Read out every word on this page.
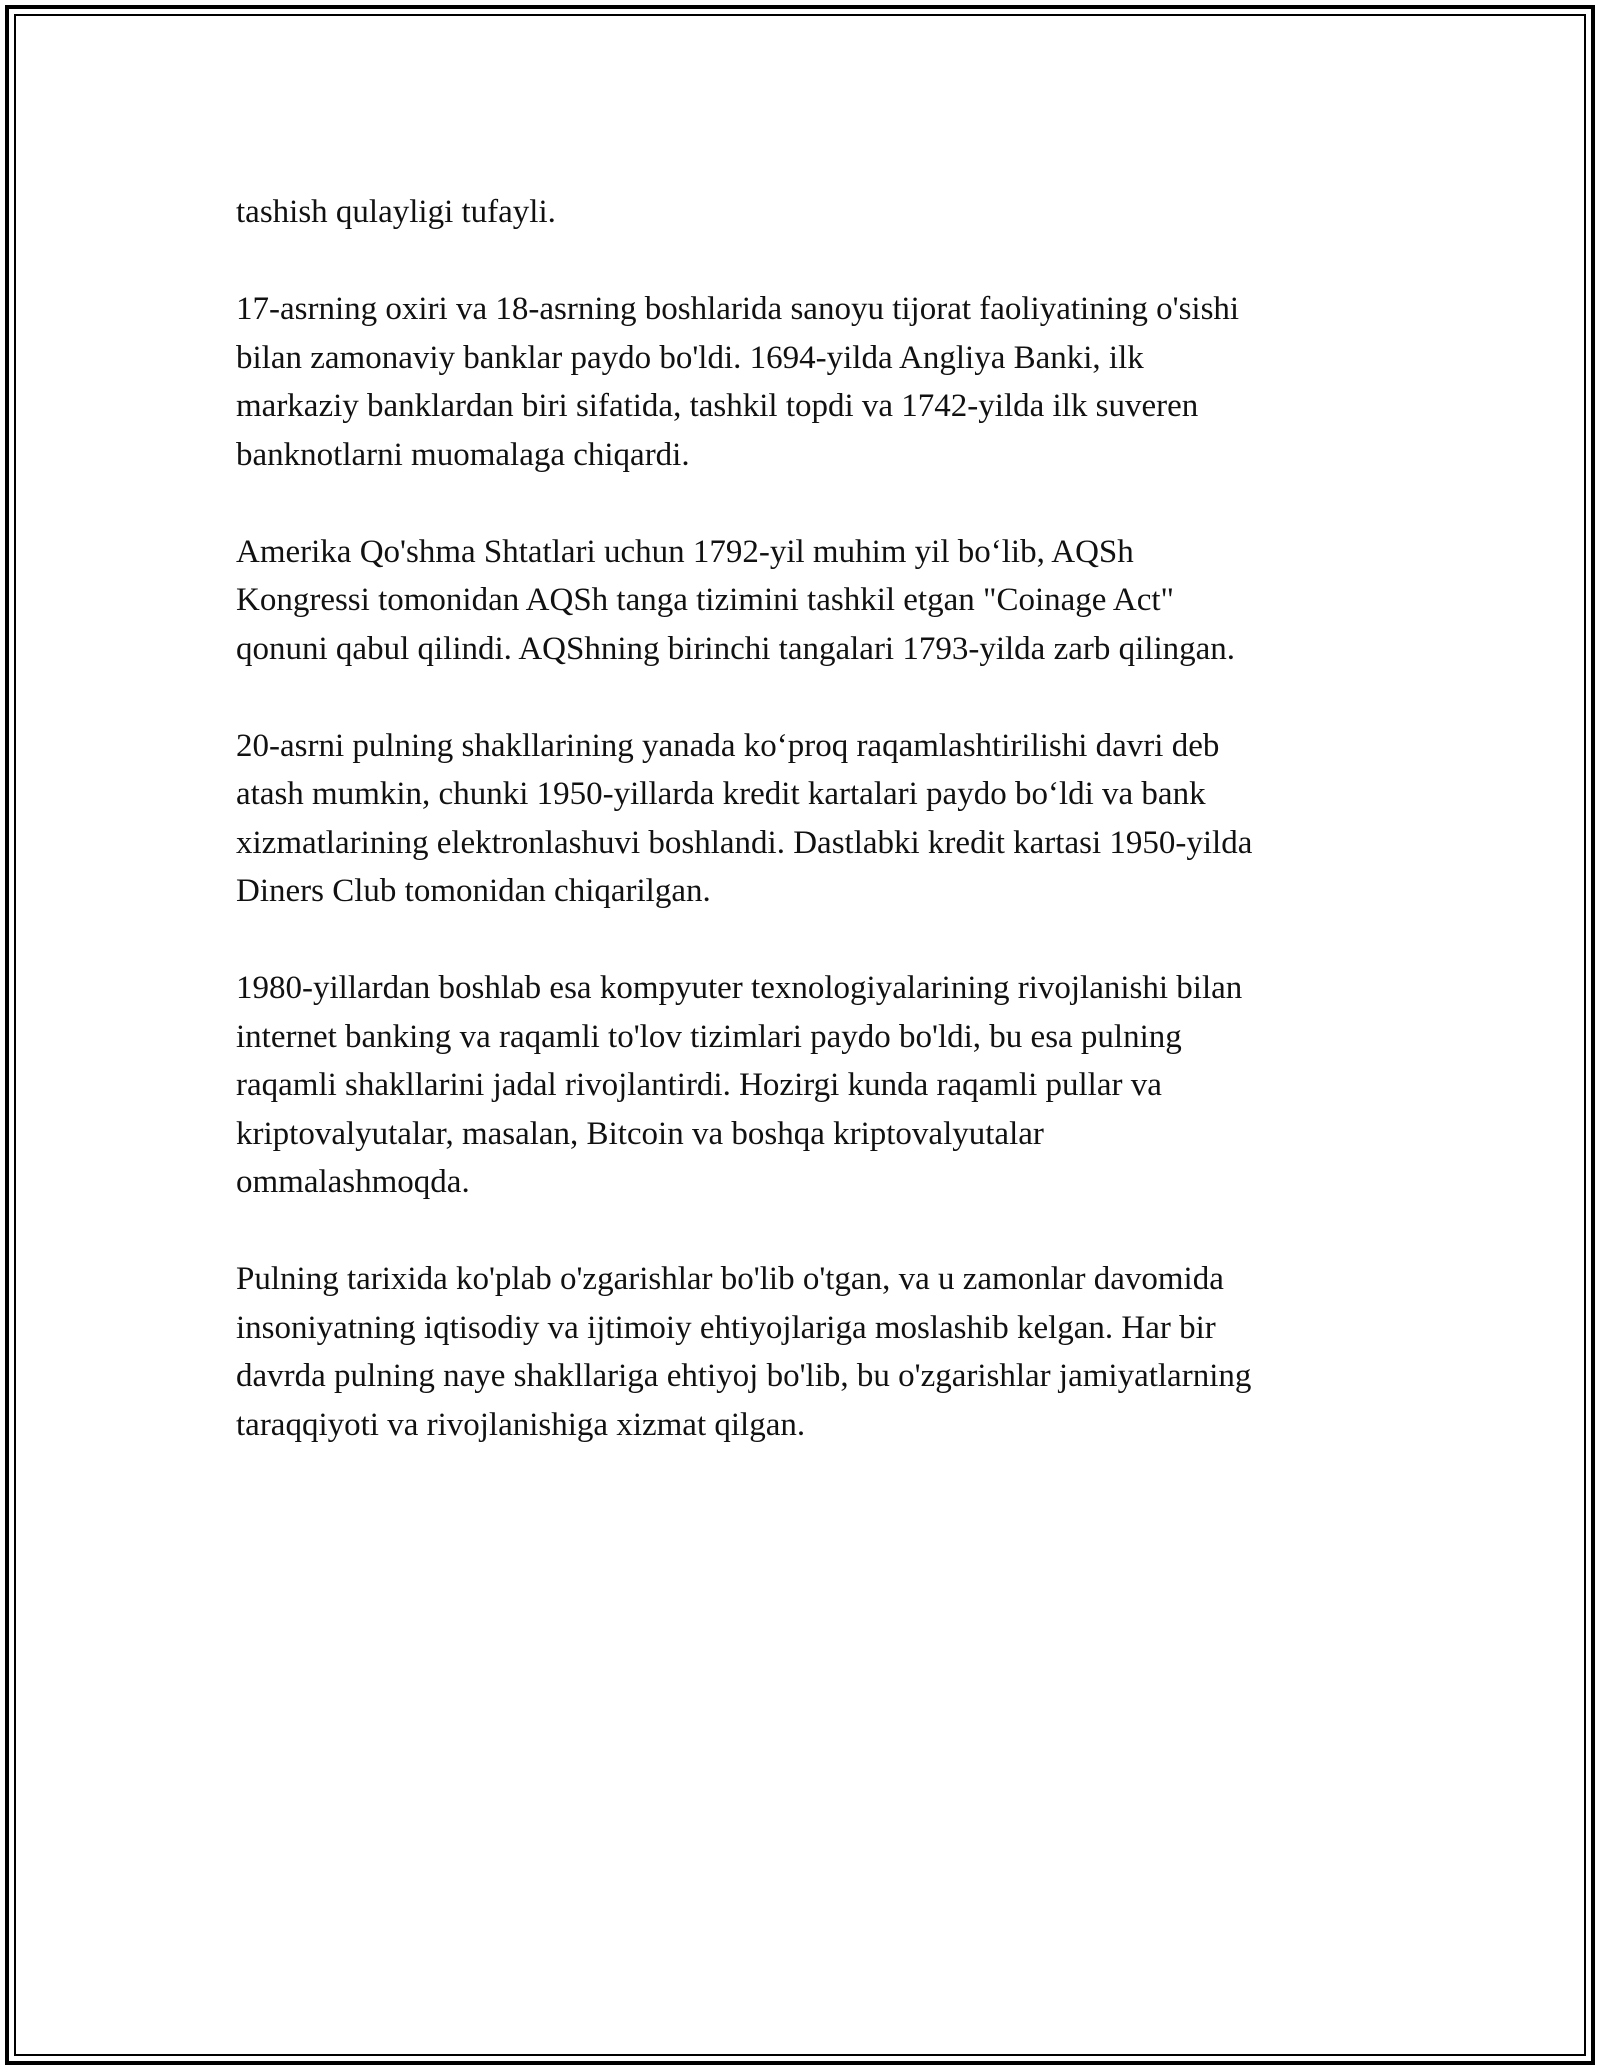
tashish qulayligi tufayli.

17-asrning oxiri va 18-asrning boshlarida sanoyu tijorat faoliyatining o'sishi
bilan zamonaviy banklar paydo bo'ldi. 1694-yilda Angliya Banki, ilk
markaziy banklardan biri sifatida, tashkil topdi va 1742-yilda ilk suveren
banknotlarni muomalaga chiqardi.

Amerika Qo'shma Shtatlari uchun 1792-yil muhim yil bo‘lib, AQSh
Kongressi tomonidan AQSh tanga tizimini tashkil etgan "Coinage Act"
qonuni qabul qilindi. AQShning birinchi tangalari 1793-yilda zarb qilingan.

20-asrni pulning shakllarining yanada ko‘proq raqamlashtirilishi davri deb
atash mumkin, chunki 1950-yillarda kredit kartalari paydo bo‘ldi va bank
xizmatlarining elektronlashuvi boshlandi. Dastlabki kredit kartasi 1950-yilda
Diners Club tomonidan chiqarilgan.

1980-yillardan boshlab esa kompyuter texnologiyalarining rivojlanishi bilan
internet banking va raqamli to'lov tizimlari paydo bo'ldi, bu esa pulning
raqamli shakllarini jadal rivojlantirdi. Hozirgi kunda raqamli pullar va
kriptovalyutalar, masalan, Bitcoin va boshqa kriptovalyutalar
ommalashmoqda.

Pulning tarixida ko'plab o'zgarishlar bo'lib o'tgan, va u zamonlar davomida
insoniyatning iqtisodiy va ijtimoiy ehtiyojlariga moslashib kelgan. Har bir
davrda pulning naye shakllariga ehtiyoj bo'lib, bu o'zgarishlar jamiyatlarning
taraqqiyoti va rivojlanishiga xizmat qilgan.
